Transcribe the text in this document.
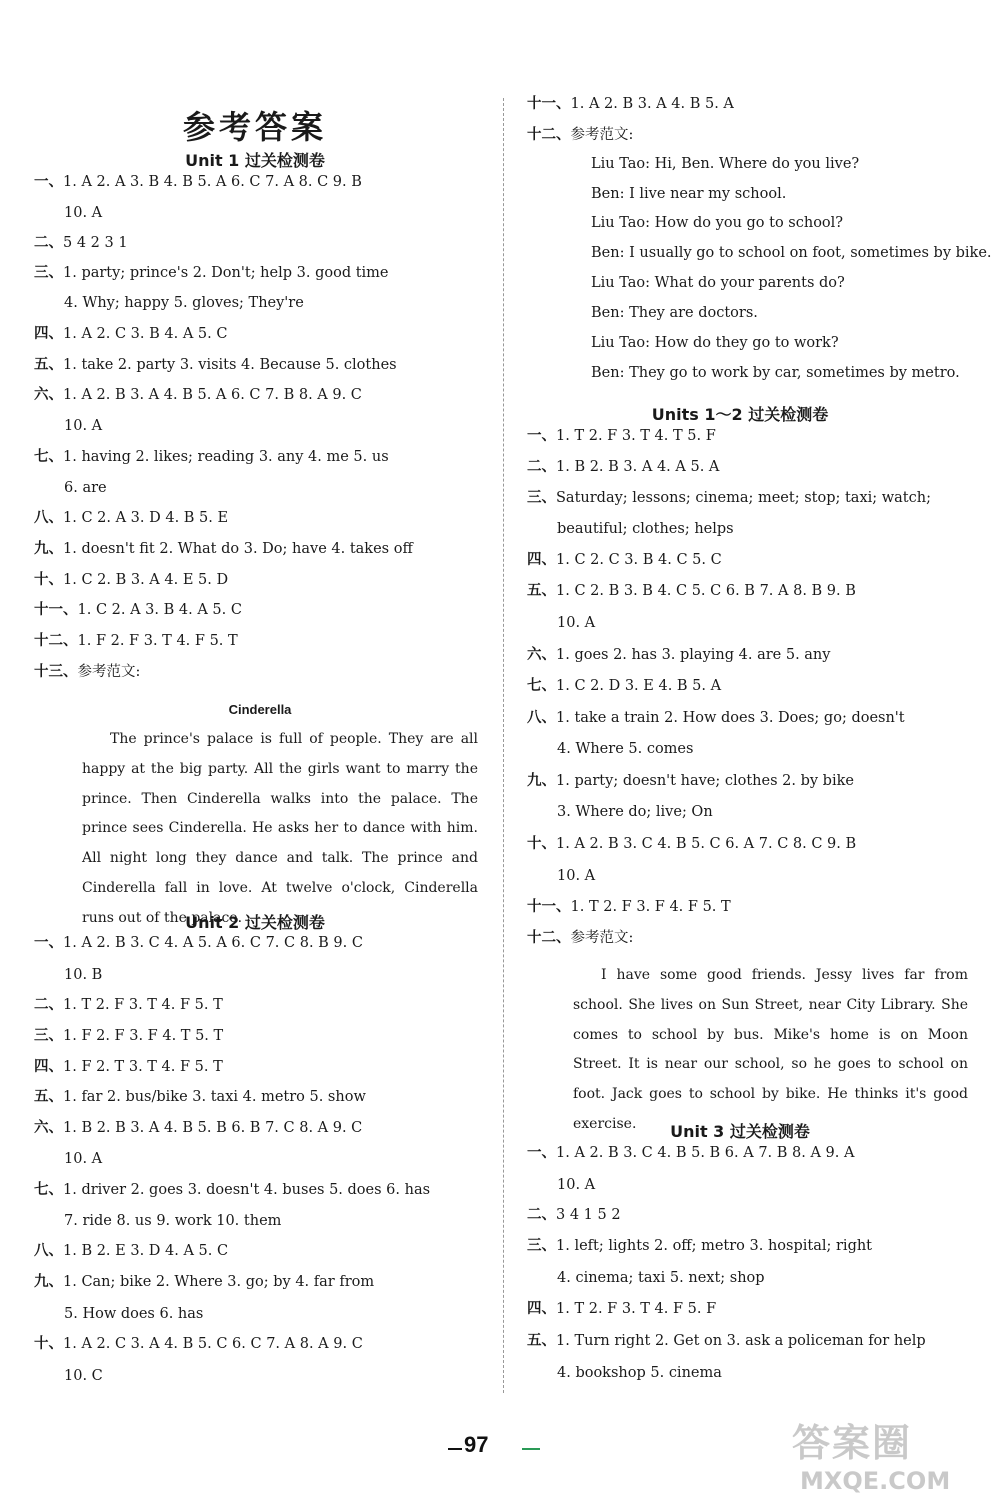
参考答案
Unit 1 过关检测卷
一、1. A 2. A 3. B 4. B 5. A 6. C 7. A 8. C 9. B
10. A
二、5 4 2 3 1
三、1. party; prince's 2. Don't; help 3. good time
4. Why; happy 5. gloves; They're
四、1. A 2. C 3. B 4. A 5. C
五、1. take 2. party 3. visits 4. Because 5. clothes
六、1. A 2. B 3. A 4. B 5. A 6. C 7. B 8. A 9. C
10. A
七、1. having 2. likes; reading 3. any 4. me 5. us
6. are
八、1. C 2. A 3. D 4. B 5. E
九、1. doesn't fit 2. What do 3. Do; have 4. takes off
十、1. C 2. B 3. A 4. E 5. D
十一、1. C 2. A 3. B 4. A 5. C
十二、1. F 2. F 3. T 4. F 5. T
十三、参考范文:
Unit 2 过关检测卷
一、1. A 2. B 3. C 4. A 5. A 6. C 7. C 8. B 9. C
10. B
二、1. T 2. F 3. T 4. F 5. T
三、1. F 2. F 3. F 4. T 5. T
四、1. F 2. T 3. T 4. F 5. T
五、1. far 2. bus/bike 3. taxi 4. metro 5. show
六、1. B 2. B 3. A 4. B 5. B 6. B 7. C 8. A 9. C
10. A
七、1. driver 2. goes 3. doesn't 4. buses 5. does 6. has
7. ride 8. us 9. work 10. them
八、1. B 2. E 3. D 4. A 5. C
九、1. Can; bike 2. Where 3. go; by 4. far from
5. How does 6. has
十、1. A 2. C 3. A 4. B 5. C 6. C 7. A 8. A 9. C
10. C
十一、1. A 2. B 3. A 4. B 5. A
十二、参考范文:
Liu Tao: Hi, Ben. Where do you live?
Ben: I live near my school.
Liu Tao: How do you go to school?
Ben: I usually go to school on foot, sometimes by bike.
Liu Tao: What do your parents do?
Ben: They are doctors.
Liu Tao: How do they go to work?
Ben: They go to work by car, sometimes by metro.
Units 1～2 过关检测卷
一、1. T 2. F 3. T 4. T 5. F
二、1. B 2. B 3. A 4. A 5. A
三、Saturday; lessons; cinema; meet; stop; taxi; watch;
beautiful; clothes; helps
四、1. C 2. C 3. B 4. C 5. C
五、1. C 2. B 3. B 4. C 5. C 6. B 7. A 8. B 9. B
10. A
六、1. goes 2. has 3. playing 4. are 5. any
七、1. C 2. D 3. E 4. B 5. A
八、1. take a train 2. How does 3. Does; go; doesn't
4. Where 5. comes
九、1. party; doesn't have; clothes 2. by bike
3. Where do; live; On
十、1. A 2. B 3. C 4. B 5. C 6. A 7. C 8. C 9. B
10. A
十一、1. T 2. F 3. F 4. F 5. T
十二、参考范文:
Unit 3 过关检测卷
一、1. A 2. B 3. C 4. B 5. B 6. A 7. B 8. A 9. A
10. A
二、3 4 1 5 2
三、1. left; lights 2. off; metro 3. hospital; right
4. cinema; taxi 5. next; shop
四、1. T 2. F 3. T 4. F 5. F
五、1. Turn right 2. Get on 3. ask a policeman for help
4. bookshop 5. cinema
Cinderella
The prince's palace is full of people. They are all happy at the big party. All the girls want to marry the prince. Then Cinderella walks into the palace. The prince sees Cinderella. He asks her to dance with him. All night long they dance and talk. The prince and Cinderella fall in love. At twelve o'clock, Cinderella runs out of the palace.
I have some good friends. Jessy lives far from school. She lives on Sun Street, near City Library. She comes to school by bus. Mike's home is on Moon Street. It is near our school, so he goes to school on foot. Jack goes to school by bike. He thinks it's good exercise.
97	答案圈
MXQE.COM
